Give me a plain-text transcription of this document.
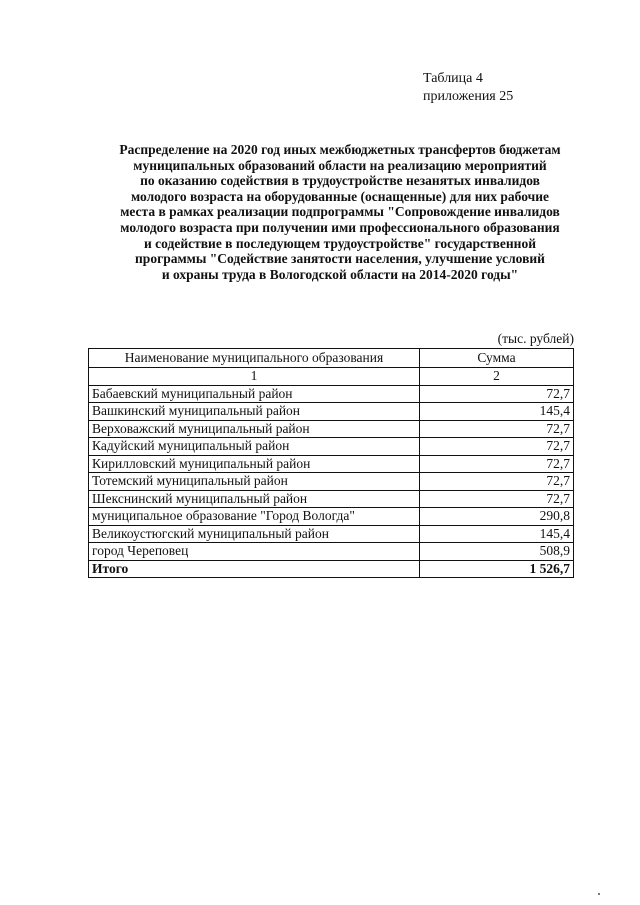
Таблица 4
приложения 25
Распределение на 2020 год иных межбюджетных трансфертов бюджетам
муниципальных образований области на реализацию мероприятий
по оказанию содействия в трудоустройстве незанятых инвалидов
молодого возраста на оборудованные (оснащенные) для них рабочие
места в рамках реализации подпрограммы "Сопровождение инвалидов
молодого возраста при получении ими профессионального образования
и содействие в последующем трудоустройстве" государственной
программы "Содействие занятости населения, улучшение условий
и охраны труда в Вологодской области на 2014-2020 годы"
(тыс. рублей)
Наименование муниципального образования	Сумма
1	2
Бабаевский муниципальный район	72,7
Вашкинский муниципальный район	145,4
Верховажский муниципальный район	72,7
Кадуйский муниципальный район	72,7
Кирилловский муниципальный район	72,7
Тотемский муниципальный район	72,7
Шекснинский муниципальный район	72,7
муниципальное образование "Город Вологда"	290,8
Великоустюгский муниципальный район	145,4
город Череповец	508,9
Итого	1 526,7
